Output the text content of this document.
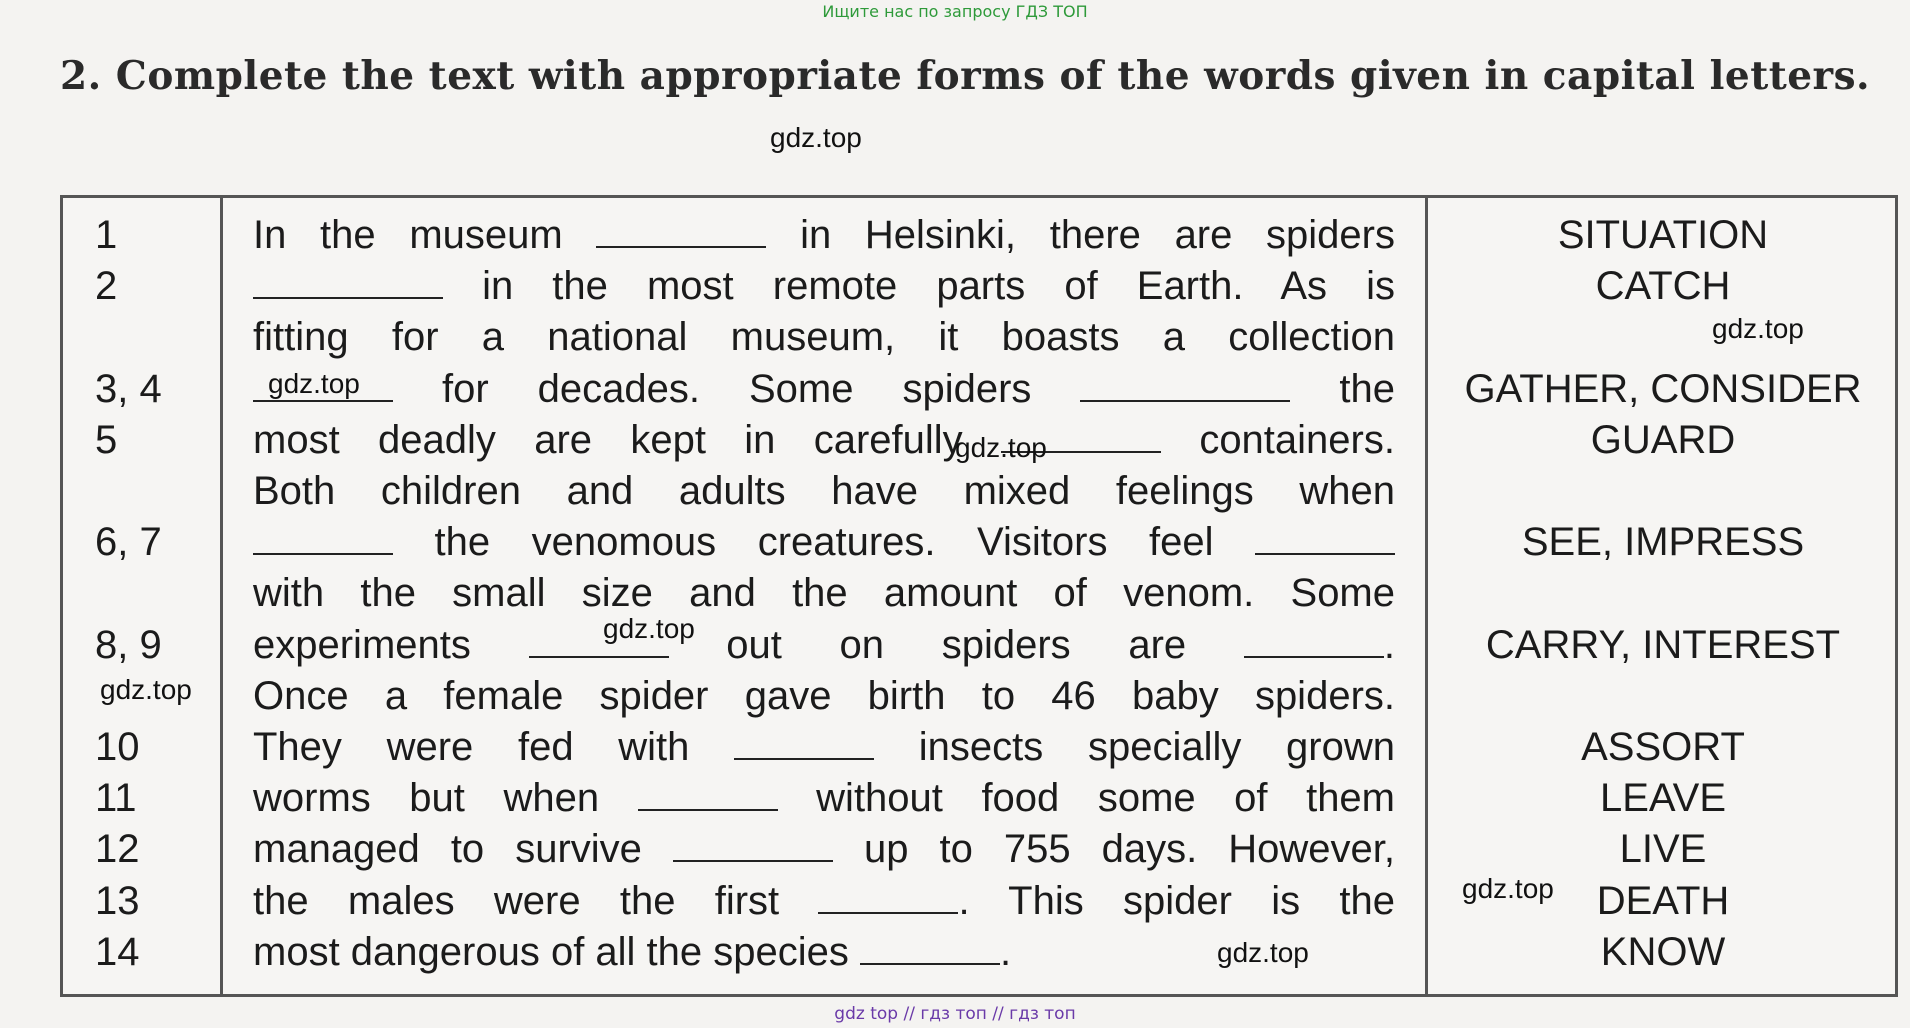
Ищите нас по запросу ГДЗ ТОП
2. Complete the text with appropriate forms of the words given in capital letters.
1	In the museum	in Helsinki, there are spiders	SITUATION
2	in the most remote parts of Earth. As is	CATCH
fitting for a national museum, it boasts a collection
3, 4	for decades. Some spiders	the	GATHER, CONSIDER
5	most deadly are kept in carefully	containers.	GUARD
Both children and adults have mixed feelings when
6, 7	the venomous creatures. Visitors feel	SEE, IMPRESS
with the small size and the amount of venom. Some
8, 9	experiments	out on spiders are	.	CARRY, INTEREST
Once a female spider gave birth to 46 baby spiders.
10	They were fed with	insects specially grown	ASSORT
11	worms but when	without food some of them	LEAVE
12	managed to survive	up to 755 days. However,	LIVE
13	the males were the first	. This spider is the	DEATH
14	most dangerous of all the species	.	KNOW
gdz.top
gdz.top
gdz.top
gdz.top
gdz.top
gdz.top
gdz.top
gdz.top
gdz top // гдз топ // гдз топ
